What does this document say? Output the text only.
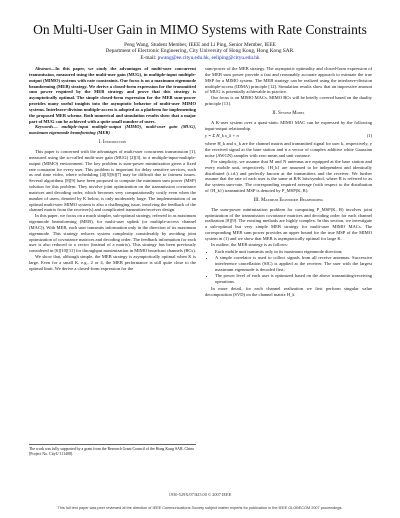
On Multi-User Gain in MIMO Systems with Rate Constraints
Peng Wang, Student Member, IEEE and Li Ping, Senior Member, IEEE
Department of Electronic Engineering, City University of Hong Kong, Hong Kong SAR.
E-mail: pwang@ee.cityu.edu.hk, eeliping@cityu.edu.hk

Abstract—In this paper, we study the advantages of multi-user concurrent transmission, measured using the multi-user gain (MUG), in multiple-input multiple-output (MIMO) systems with rate constraints. Our focus is on a maximum eigenmode beamforming (MEB) strategy. We derive a closed-form expression for the transmitted sum power required by the MEB strategy and prove that this strategy is asymptotically optimal. The simple closed-form expression for the MEB sum-power provides many useful insights into the asymptotic behavior of multi-user MIMO systems. Interleave-division multiple-access is adopted as a platform for implementing the proposed MEB scheme. Both numerical and simulation results show that a major part of MUG can be achieved with a quite small number of users.

Keywords— multiple-input multiple-output (MIMO), multi-user gain (MUG), maximum eigenmode beamforming (MEB)

I. Introduction

This paper is concerned with the advantages of multi-user concurrent transmission [1], measured using the so-called multi-user gain (MUG) [2][3], in a multiple-input-multiple-output (MIMO) environment. The key problem is sum-power minimization given a fixed rate constraint for every user. This problem is important for delay sensitive services, such as real time video, where scheduling [4][5][6][7] may be difficult due to fairness issues. Several algorithms [8][9] have been proposed to compute the minimum sum power (MSP) solution for this problem. They involve joint optimization on the transmission covariance matrices and decoding order, which becomes very computationally costly even when the number of users, denoted by K below, is only moderately large. The implementation of an optimal multi-user MIMO system is also a challenging issue, involving the feedback of the channel matrix from the receiver(s) and complicated transmitter/receiver design.

In this paper, we focus on a much simpler, sub-optimal strategy, referred to as maximum eigenmode beamforming (MEB), for multi-user uplink (or multiple-access channel (MAC)). With MEB, each user transmits information only in the direction of its maximum eigenmode. This strategy reduces system complexity considerably by avoiding joint optimization of covariance matrices and decoding order. The feedback information for each user is also reduced to a vector (instead of a matrix). This strategy has been previously considered in [6][10][11] for throughput maximization in MIMO broadcast channels (BCs).

We show that, although simple, the MEB strategy is asymptotically optimal when K is large. Even for a small K, e.g., 2 or 4, the MEB performance is still quite close to the optimal limit. We derive a closed-form expression for the

The work was fully supported by a grant from the Research Grant Council of the Hong Kong SAR, China [Project No. CityU 111408].

sum-power of the MEB strategy. The asymptotic optimality and closed-form expression of the MEB sum power provide a fast and reasonably accurate approach to estimate the true MSP for a MIMO system. The MEB strategy can be realized using the interleave-division multiple-access (IDMA) principle [12]. Simulation results show that an impressive amount of MUG is potentially achievable in practice.

Our focus is on MIMO MACs. MIMO BCs will be briefly covered based on the duality principle [13].

II. System Model

A K-user system over a quasi-static MIMO MAC can be expressed by the following input-output relationship.

y = Σ H_k x_k + n	(1)

where H_k and x_k are the channel matrix and transmitted signal for user k, respectively, y the received signal at the base station and n a vector of complex additive white Gaussian noise (AWGN) samples with zero mean and unit variance.

For simplicity, we assume that M and N antennas are equipped at the base station and every mobile unit, respectively. {H_k} are assumed to be independent and identically distributed (i.i.d.) and perfectly known at the transmitters and the receiver. We further assume that the rate of each user is the same at R/K bits/symbol, where R is referred to as the system sum-rate. The corresponding required average (with respect to the distribution of {H_k}) transmitted MSP is denoted by P_MSP(K, R).

III. Maximum Eigenmode Beamforming

The sum-power minimization problem for computing P_MSP(K, R) involves joint optimization of the transmission covariance matrices and decoding order for each channel realization [8][9]. The existing methods are highly complex. In this section, we investigate a sub-optimal but very simple MEB strategy for multi-user MIMO MACs. The corresponding MEB sum power provides an upper bound for the true MSP of the MIMO system in (1) and we show that MEB is asymptotically optimal for large K.

In outline, the MEB strategy is as follows:

• Each mobile unit transmits only in its maximum eigenmode direction;
• A simple correlator is used to collect signals from all receive antennas. Successive interference cancellation (SIC) is applied at the receiver. The user with the largest maximum eigenmode is decoded first;
• The power level of each user is optimized based on the above transmitting/receiving operations.

In more detail, for each channel realization we first perform singular value decomposition (SVD) on the channel matrix H_k

1930-529X/07/$25.00 © 2007 IEEE
This full text paper was peer reviewed at the direction of IEEE Communications Society subject matter experts for publication in the IEEE GLOBECOM 2007 proceedings.
